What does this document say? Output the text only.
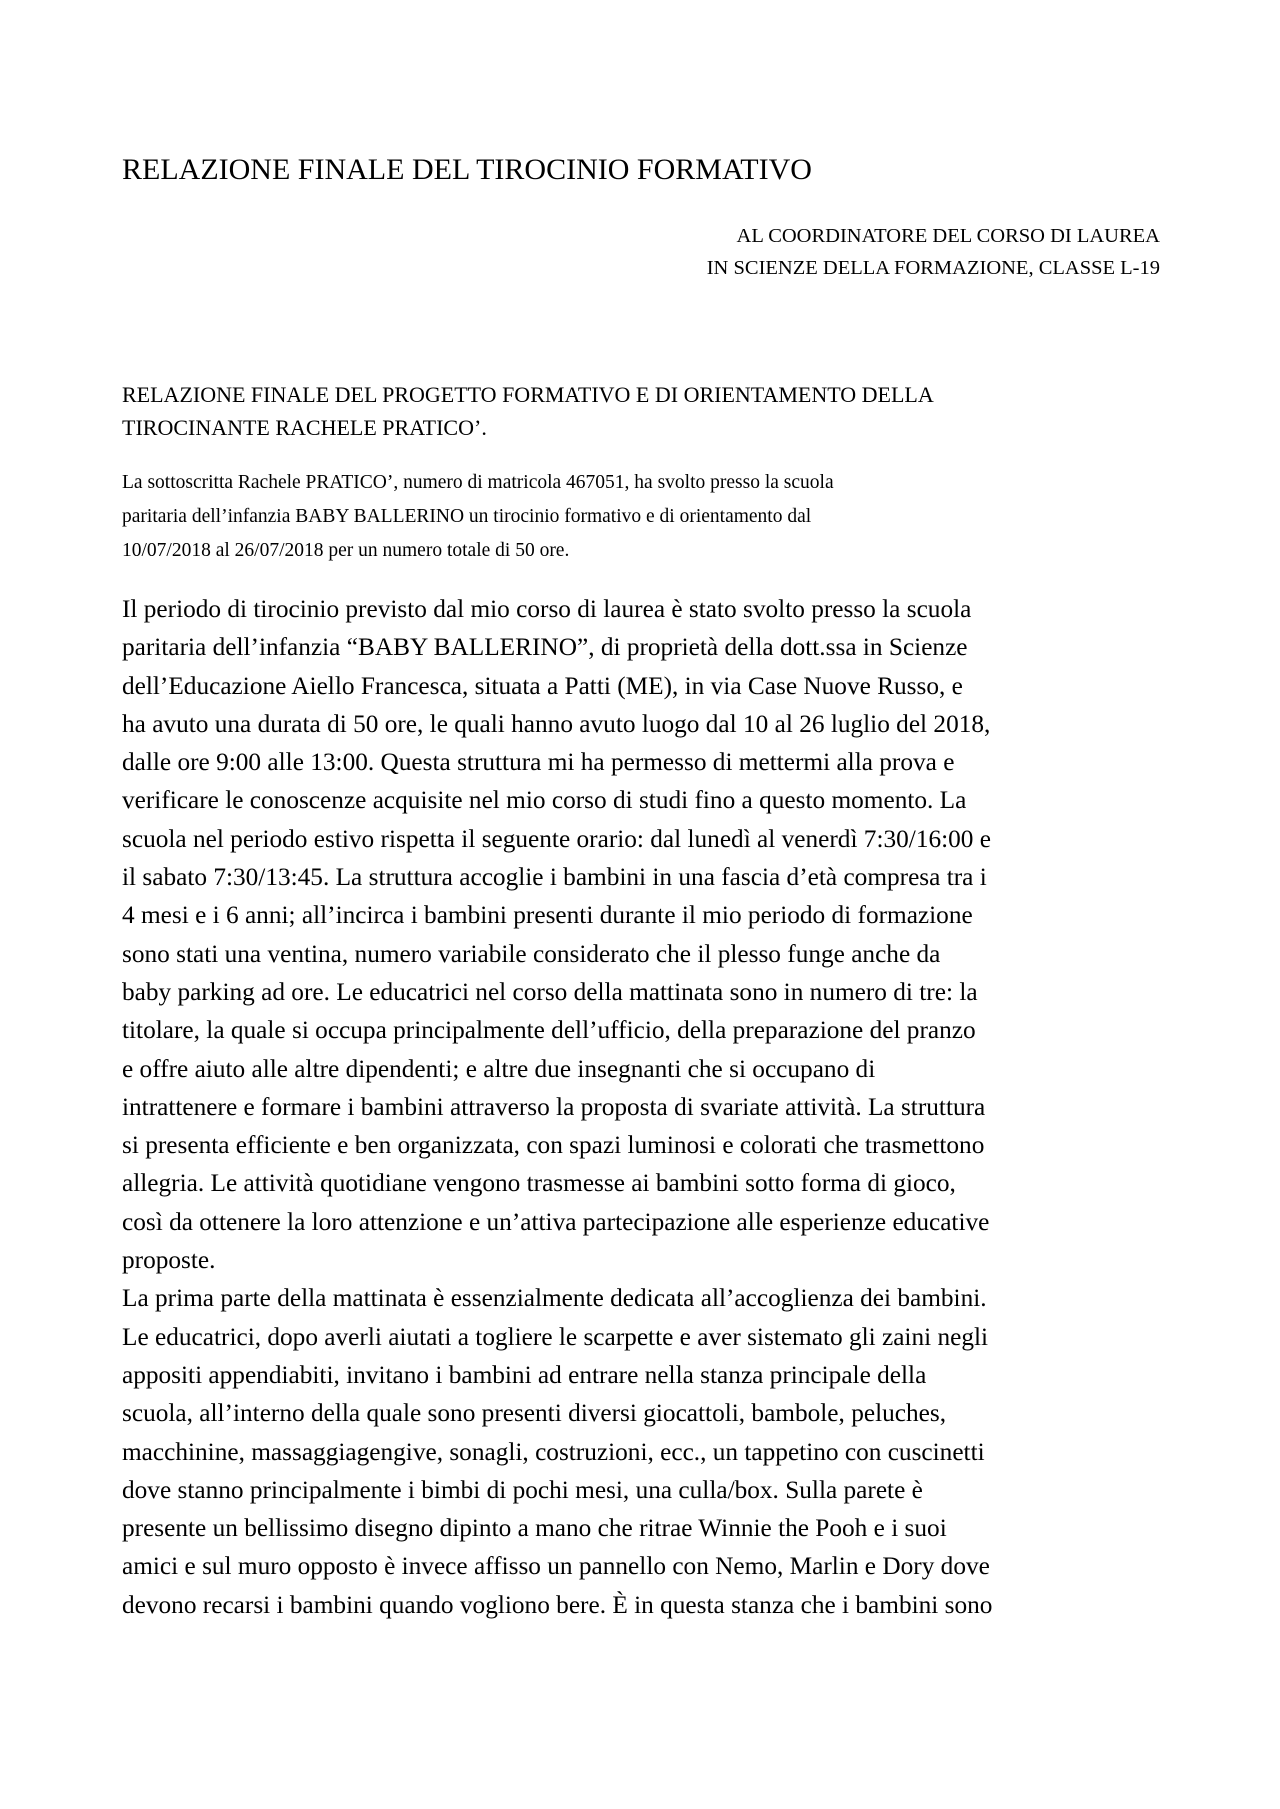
RELAZIONE FINALE DEL TIROCINIO FORMATIVO
AL COORDINATORE DEL CORSO DI LAUREA
IN SCIENZE DELLA FORMAZIONE, CLASSE L-19
RELAZIONE FINALE DEL PROGETTO FORMATIVO E DI ORIENTAMENTO DELLA
TIROCINANTE RACHELE PRATICO’.
La sottoscritta Rachele PRATICO’, numero di matricola 467051, ha svolto presso la scuola
paritaria dell’infanzia BABY BALLERINO un tirocinio formativo e di orientamento dal
10/07/2018 al 26/07/2018 per un numero totale di 50 ore.
Il periodo di tirocinio previsto dal mio corso di laurea è stato svolto presso la scuola
paritaria dell’infanzia “BABY BALLERINO”, di proprietà della dott.ssa in Scienze
dell’Educazione Aiello Francesca, situata a Patti (ME), in via Case Nuove Russo, e
ha avuto una durata di 50 ore, le quali hanno avuto luogo dal 10 al 26 luglio del 2018,
dalle ore 9:00 alle 13:00. Questa struttura mi ha permesso di mettermi alla prova e
verificare le conoscenze acquisite nel mio corso di studi fino a questo momento. La
scuola nel periodo estivo rispetta il seguente orario: dal lunedì al venerdì 7:30/16:00 e
il sabato 7:30/13:45. La struttura accoglie i bambini in una fascia d’età compresa tra i
4 mesi e i 6 anni; all’incirca i bambini presenti durante il mio periodo di formazione
sono stati una ventina, numero variabile considerato che il plesso funge anche da
baby parking ad ore. Le educatrici nel corso della mattinata sono in numero di tre: la
titolare, la quale si occupa principalmente dell’ufficio, della preparazione del pranzo
e offre aiuto alle altre dipendenti; e altre due insegnanti che si occupano di
intrattenere e formare i bambini attraverso la proposta di svariate attività. La struttura
si presenta efficiente e ben organizzata, con spazi luminosi e colorati che trasmettono
allegria. Le attività quotidiane vengono trasmesse ai bambini sotto forma di gioco,
così da ottenere la loro attenzione e un’attiva partecipazione alle esperienze educative
proposte.
La prima parte della mattinata è essenzialmente dedicata all’accoglienza dei bambini.
Le educatrici, dopo averli aiutati a togliere le scarpette e aver sistemato gli zaini negli
appositi appendiabiti, invitano i bambini ad entrare nella stanza principale della
scuola, all’interno della quale sono presenti diversi giocattoli, bambole, peluches,
macchinine, massaggiagengive, sonagli, costruzioni, ecc., un tappetino con cuscinetti
dove stanno principalmente i bimbi di pochi mesi, una culla/box. Sulla parete è
presente un bellissimo disegno dipinto a mano che ritrae Winnie the Pooh e i suoi
amici e sul muro opposto è invece affisso un pannello con Nemo, Marlin e Dory dove
devono recarsi i bambini quando vogliono bere. È in questa stanza che i bambini sono
